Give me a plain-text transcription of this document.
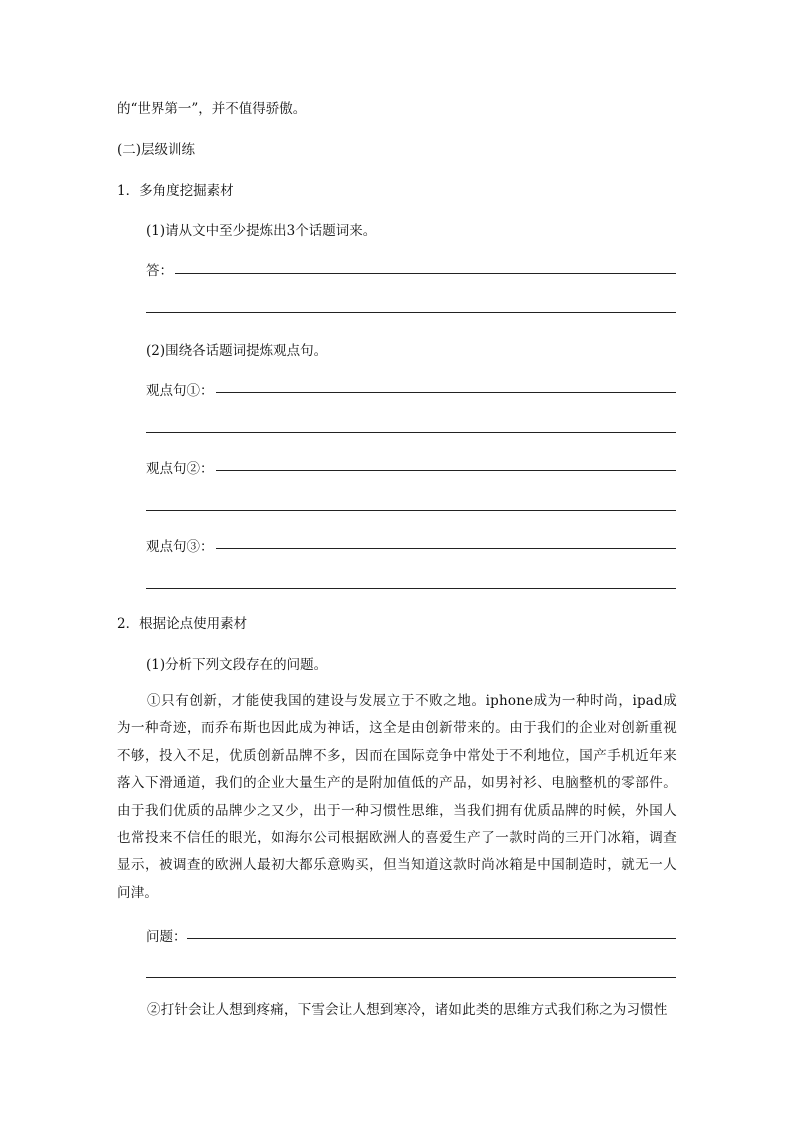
的“世界第一”，并不值得骄傲。
(二)层级训练
1．多角度挖掘素材
(1)请从文中至少提炼出3个话题词来。
答：
(2)围绕各话题词提炼观点句。
观点句①：
观点句②：
观点句③：
2．根据论点使用素材
(1)分析下列文段存在的问题。
①只有创新，才能使我国的建设与发展立于不败之地。iphone成为一种时尚，ipad成为一种奇迹，而乔布斯也因此成为神话，这全是由创新带来的。由于我们的企业对创新重视不够，投入不足，优质创新品牌不多，因而在国际竞争中常处于不利地位，国产手机近年来落入下滑通道，我们的企业大量生产的是附加值低的产品，如男衬衫、电脑整机的零部件。由于我们优质的品牌少之又少，出于一种习惯性思维，当我们拥有优质品牌的时候，外国人也常投来不信任的眼光，如海尔公司根据欧洲人的喜爱生产了一款时尚的三开门冰箱，调查显示，被调查的欧洲人最初大都乐意购买，但当知道这款时尚冰箱是中国制造时，就无一人问津。
问题：
②打针会让人想到疼痛，下雪会让人想到寒冷，诸如此类的思维方式我们称之为习惯性
